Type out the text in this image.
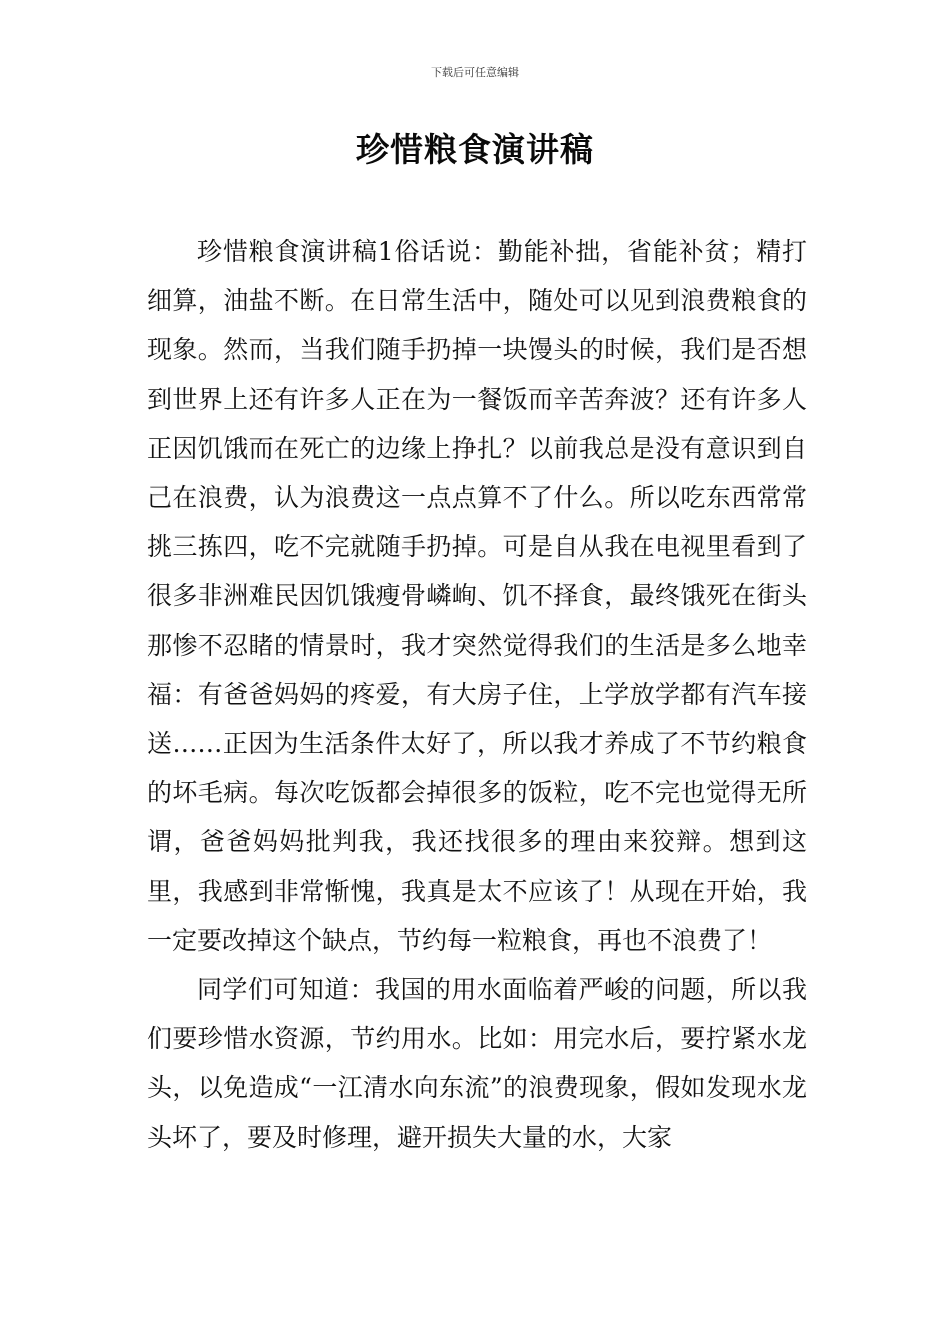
下载后可任意编辑
珍惜粮食演讲稿

珍惜粮食演讲稿1俗话说：勤能补拙，省能补贫；精打细算，油盐不断。在日常生活中，随处可以见到浪费粮食的现象。然而，当我们随手扔掉一块馒头的时候，我们是否想到世界上还有许多人正在为一餐饭而辛苦奔波？还有许多人正因饥饿而在死亡的边缘上挣扎？以前我总是没有意识到自己在浪费，认为浪费这一点点算不了什么。所以吃东西常常挑三拣四，吃不完就随手扔掉。可是自从我在电视里看到了很多非洲难民因饥饿瘦骨嶙峋、饥不择食，最终饿死在街头那惨不忍睹的情景时，我才突然觉得我们的生活是多么地幸福：有爸爸妈妈的疼爱，有大房子住，上学放学都有汽车接送……正因为生活条件太好了，所以我才养成了不节约粮食的坏毛病。每次吃饭都会掉很多的饭粒，吃不完也觉得无所谓，爸爸妈妈批判我，我还找很多的理由来狡辩。想到这里，我感到非常惭愧，我真是太不应该了！从现在开始，我一定要改掉这个缺点，节约每一粒粮食，再也不浪费了！

同学们可知道：我国的用水面临着严峻的问题，所以我们要珍惜水资源，节约用水。比如：用完水后，要拧紧水龙头，以免造成“一江清水向东流”的浪费现象，假如发现水龙头坏了，要及时修理，避开损失大量的水，大家
